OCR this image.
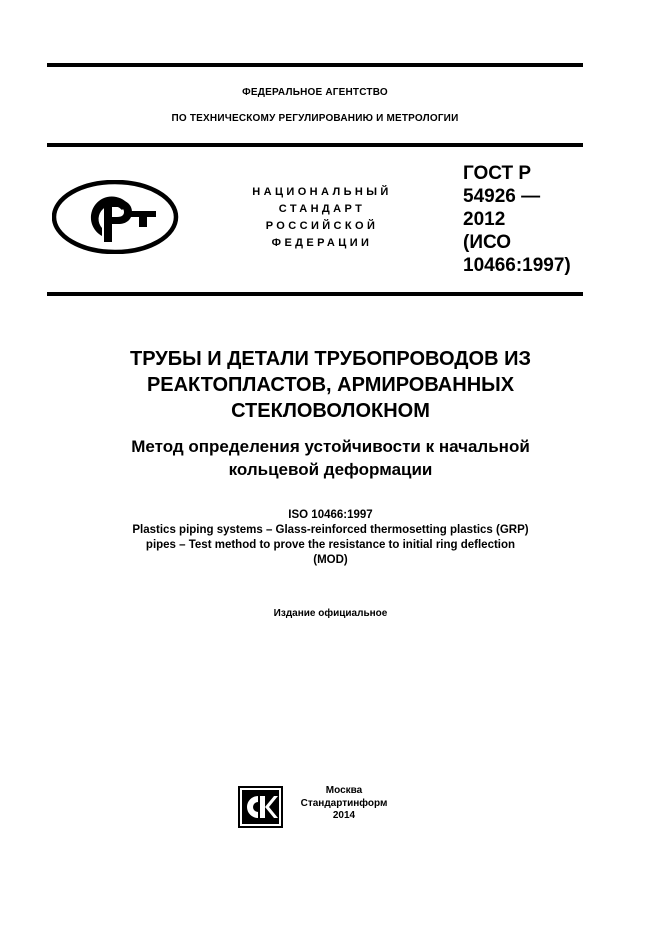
ФЕДЕРАЛЬНОЕ АГЕНТСТВО
ПО ТЕХНИЧЕСКОМУ РЕГУЛИРОВАНИЮ И МЕТРОЛОГИИ
НАЦИОНАЛЬНЫЙ
СТАНДАРТ
РОССИЙСКОЙ
ФЕДЕРАЦИИ
ГОСТ Р
54926 —
2012
(ИСО
10466:1997)
ТРУБЫ И ДЕТАЛИ ТРУБОПРОВОДОВ ИЗ
РЕАКТОПЛАСТОВ, АРМИРОВАННЫХ
СТЕКЛОВОЛОКНОМ
Метод определения устойчивости к начальной
кольцевой деформации
ISO 10466:1997
Plastics piping systems – Glass-reinforced thermosetting plastics (GRP)
pipes – Test method to prove the resistance to initial ring deflection
(MOD)
Издание официальное
Москва
Стандартинформ
2014
